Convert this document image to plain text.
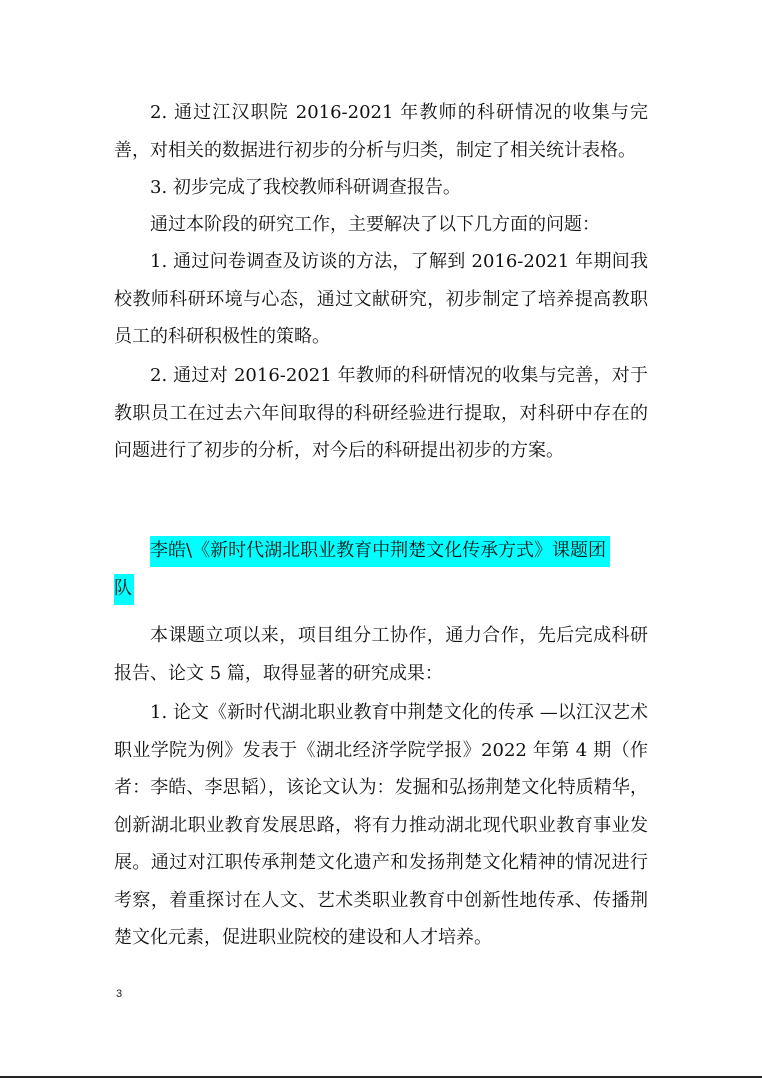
2. 通过江汉职院 2016-2021 年教师的科研情况的收集与完善，对相关的数据进行初步的分析与归类，制定了相关统计表格。

3. 初步完成了我校教师科研调查报告。

通过本阶段的研究工作，主要解决了以下几方面的问题：

1. 通过问卷调查及访谈的方法，了解到 2016-2021 年期间我校教师科研环境与心态，通过文献研究，初步制定了培养提高教职员工的科研积极性的策略。

2. 通过对 2016-2021 年教师的科研情况的收集与完善，对于教职员工在过去六年间取得的科研经验进行提取，对科研中存在的问题进行了初步的分析，对今后的科研提出初步的方案。

李皓\《新时代湖北职业教育中荆楚文化传承方式》课题团
队

本课题立项以来，项目组分工协作，通力合作，先后完成科研报告、论文 5 篇，取得显著的研究成果：

1. 论文《新时代湖北职业教育中荆楚文化的传承 —以江汉艺术职业学院为例》发表于《湖北经济学院学报》2022 年第 4 期（作者：李皓、李思韬），该论文认为：发掘和弘扬荆楚文化特质精华，创新湖北职业教育发展思路，将有力推动湖北现代职业教育事业发展。通过对江职传承荆楚文化遗产和发扬荆楚文化精神的情况进行考察，着重探讨在人文、艺术类职业教育中创新性地传承、传播荆楚文化元素，促进职业院校的建设和人才培养。

3
